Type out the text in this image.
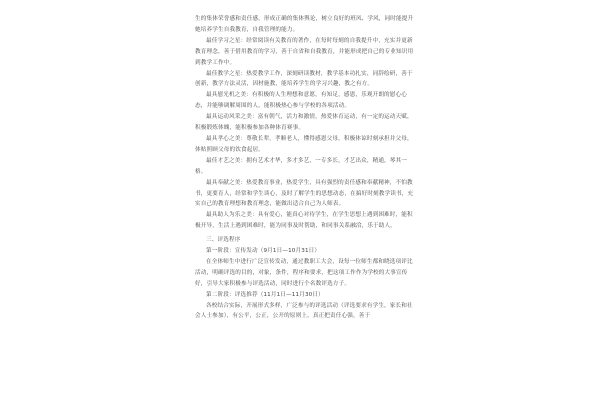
生的集体荣誉感和责任感，形成正确的集体舆论，树立良好的班风、学风，同时能提升她培养学生自我教育，自我管理的能力。

最佳学习之星：经常阅读有关教育的著作，在每时每刻的自我提升中，充实并更新教育理念，善于借用教育的学习，善于自省和自我教育，并能形成把自己的专业知识用到教学工作中。

最佳教学之星：热爱教学工作，深刻研读教材，教学基本功扎实，同辞绘研，善于创新，教学方法灵活，因材施教，能培养学生的学习兴趣，教之有方。

最具慰光机之美：有积极的人生理想和意愿，有知足，感恩，乐观开朗的慰心心态，并能够调解周围的人，能积极热心参与学校的各项活动。

最具运动风采之美：富有朝气，活力和激情，热爱体育运动，有一定的运动天赋，积极锻炼体魄，能积极参加各种体育赛事。

最具孝心之美：尊敬长辈，孝顺老人，懂得感恩父母，积极体谅时刻承担并父母，体贴照顾父母的饮食起居。

最佳才艺之美：拥有艺术才华，多才多艺，一专多长，才艺出众，精通，琴其一格。

最具奉献之美：热爱教育事业，热爱学生，具有强烈的责任感和奉献精神，不怕教书，更要育人，经常和学生谈心，及时了解学生的思想动态，在搞好时刻教学读书，充实自己的教育理想和教育理念，能做出适合自己为人师表。

最具助人为乐之美：具有爱心，能真心对待学生，在学生思想上遇到困难时，能积极开导，生活上遇到困难时，能为同事及时帮助，和同事关系融洽，乐于助人。

三、评选程序

第一阶段：宣传发动（9月1日—10月31日）

在全体师生中进行广泛宣传发动，通过教职工大会，设每一位师生都和晓选项评比活动，明确评选的目的，对象，条件，程序和要求，把这项工作作为学校的大事宣传好，引导大家积极参与评选活动，同时进行个名数评选方子。

第二阶段：评选推荐（11月1日—11月30日）

各校结合实际，开展形式多样，广泛参与的评选活动（评选要求有学生，家长和社会人士参加），有公平，公正，公开的原则上，真正把责任心强，善于
